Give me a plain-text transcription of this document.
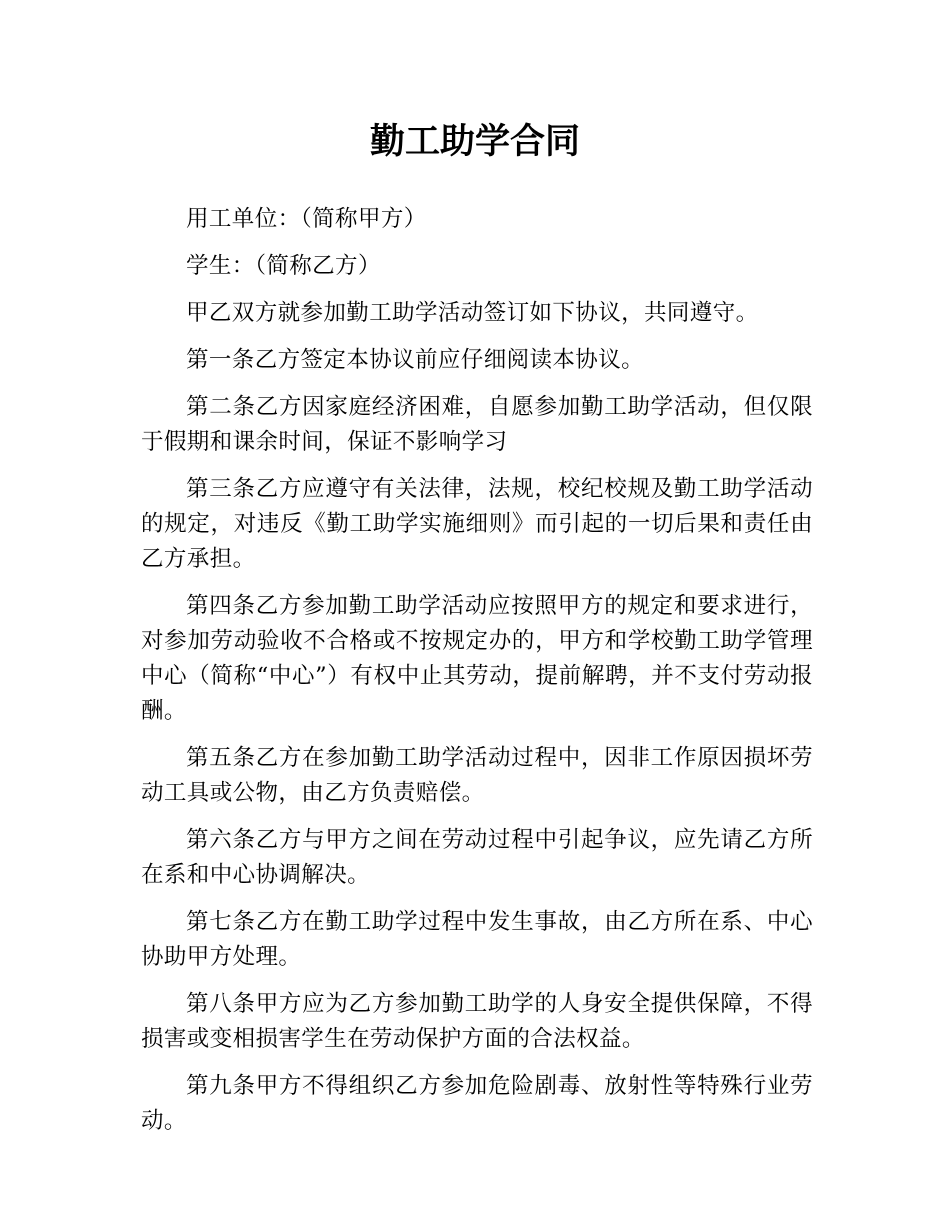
勤工助学合同

用工单位：（简称甲方）

学生：（简称乙方）

甲乙双方就参加勤工助学活动签订如下协议，共同遵守。

第一条乙方签定本协议前应仔细阅读本协议。

第二条乙方因家庭经济困难，自愿参加勤工助学活动，但仅限于假期和课余时间，保证不影响学习

第三条乙方应遵守有关法律，法规，校纪校规及勤工助学活动的规定，对违反《勤工助学实施细则》而引起的一切后果和责任由乙方承担。

第四条乙方参加勤工助学活动应按照甲方的规定和要求进行，对参加劳动验收不合格或不按规定办的，甲方和学校勤工助学管理中心（简称“中心”）有权中止其劳动，提前解聘，并不支付劳动报酬。

第五条乙方在参加勤工助学活动过程中，因非工作原因损坏劳动工具或公物，由乙方负责赔偿。

第六条乙方与甲方之间在劳动过程中引起争议，应先请乙方所在系和中心协调解决。

第七条乙方在勤工助学过程中发生事故，由乙方所在系、中心协助甲方处理。

第八条甲方应为乙方参加勤工助学的人身安全提供保障，不得损害或变相损害学生在劳动保护方面的合法权益。

第九条甲方不得组织乙方参加危险剧毒、放射性等特殊行业劳动。
